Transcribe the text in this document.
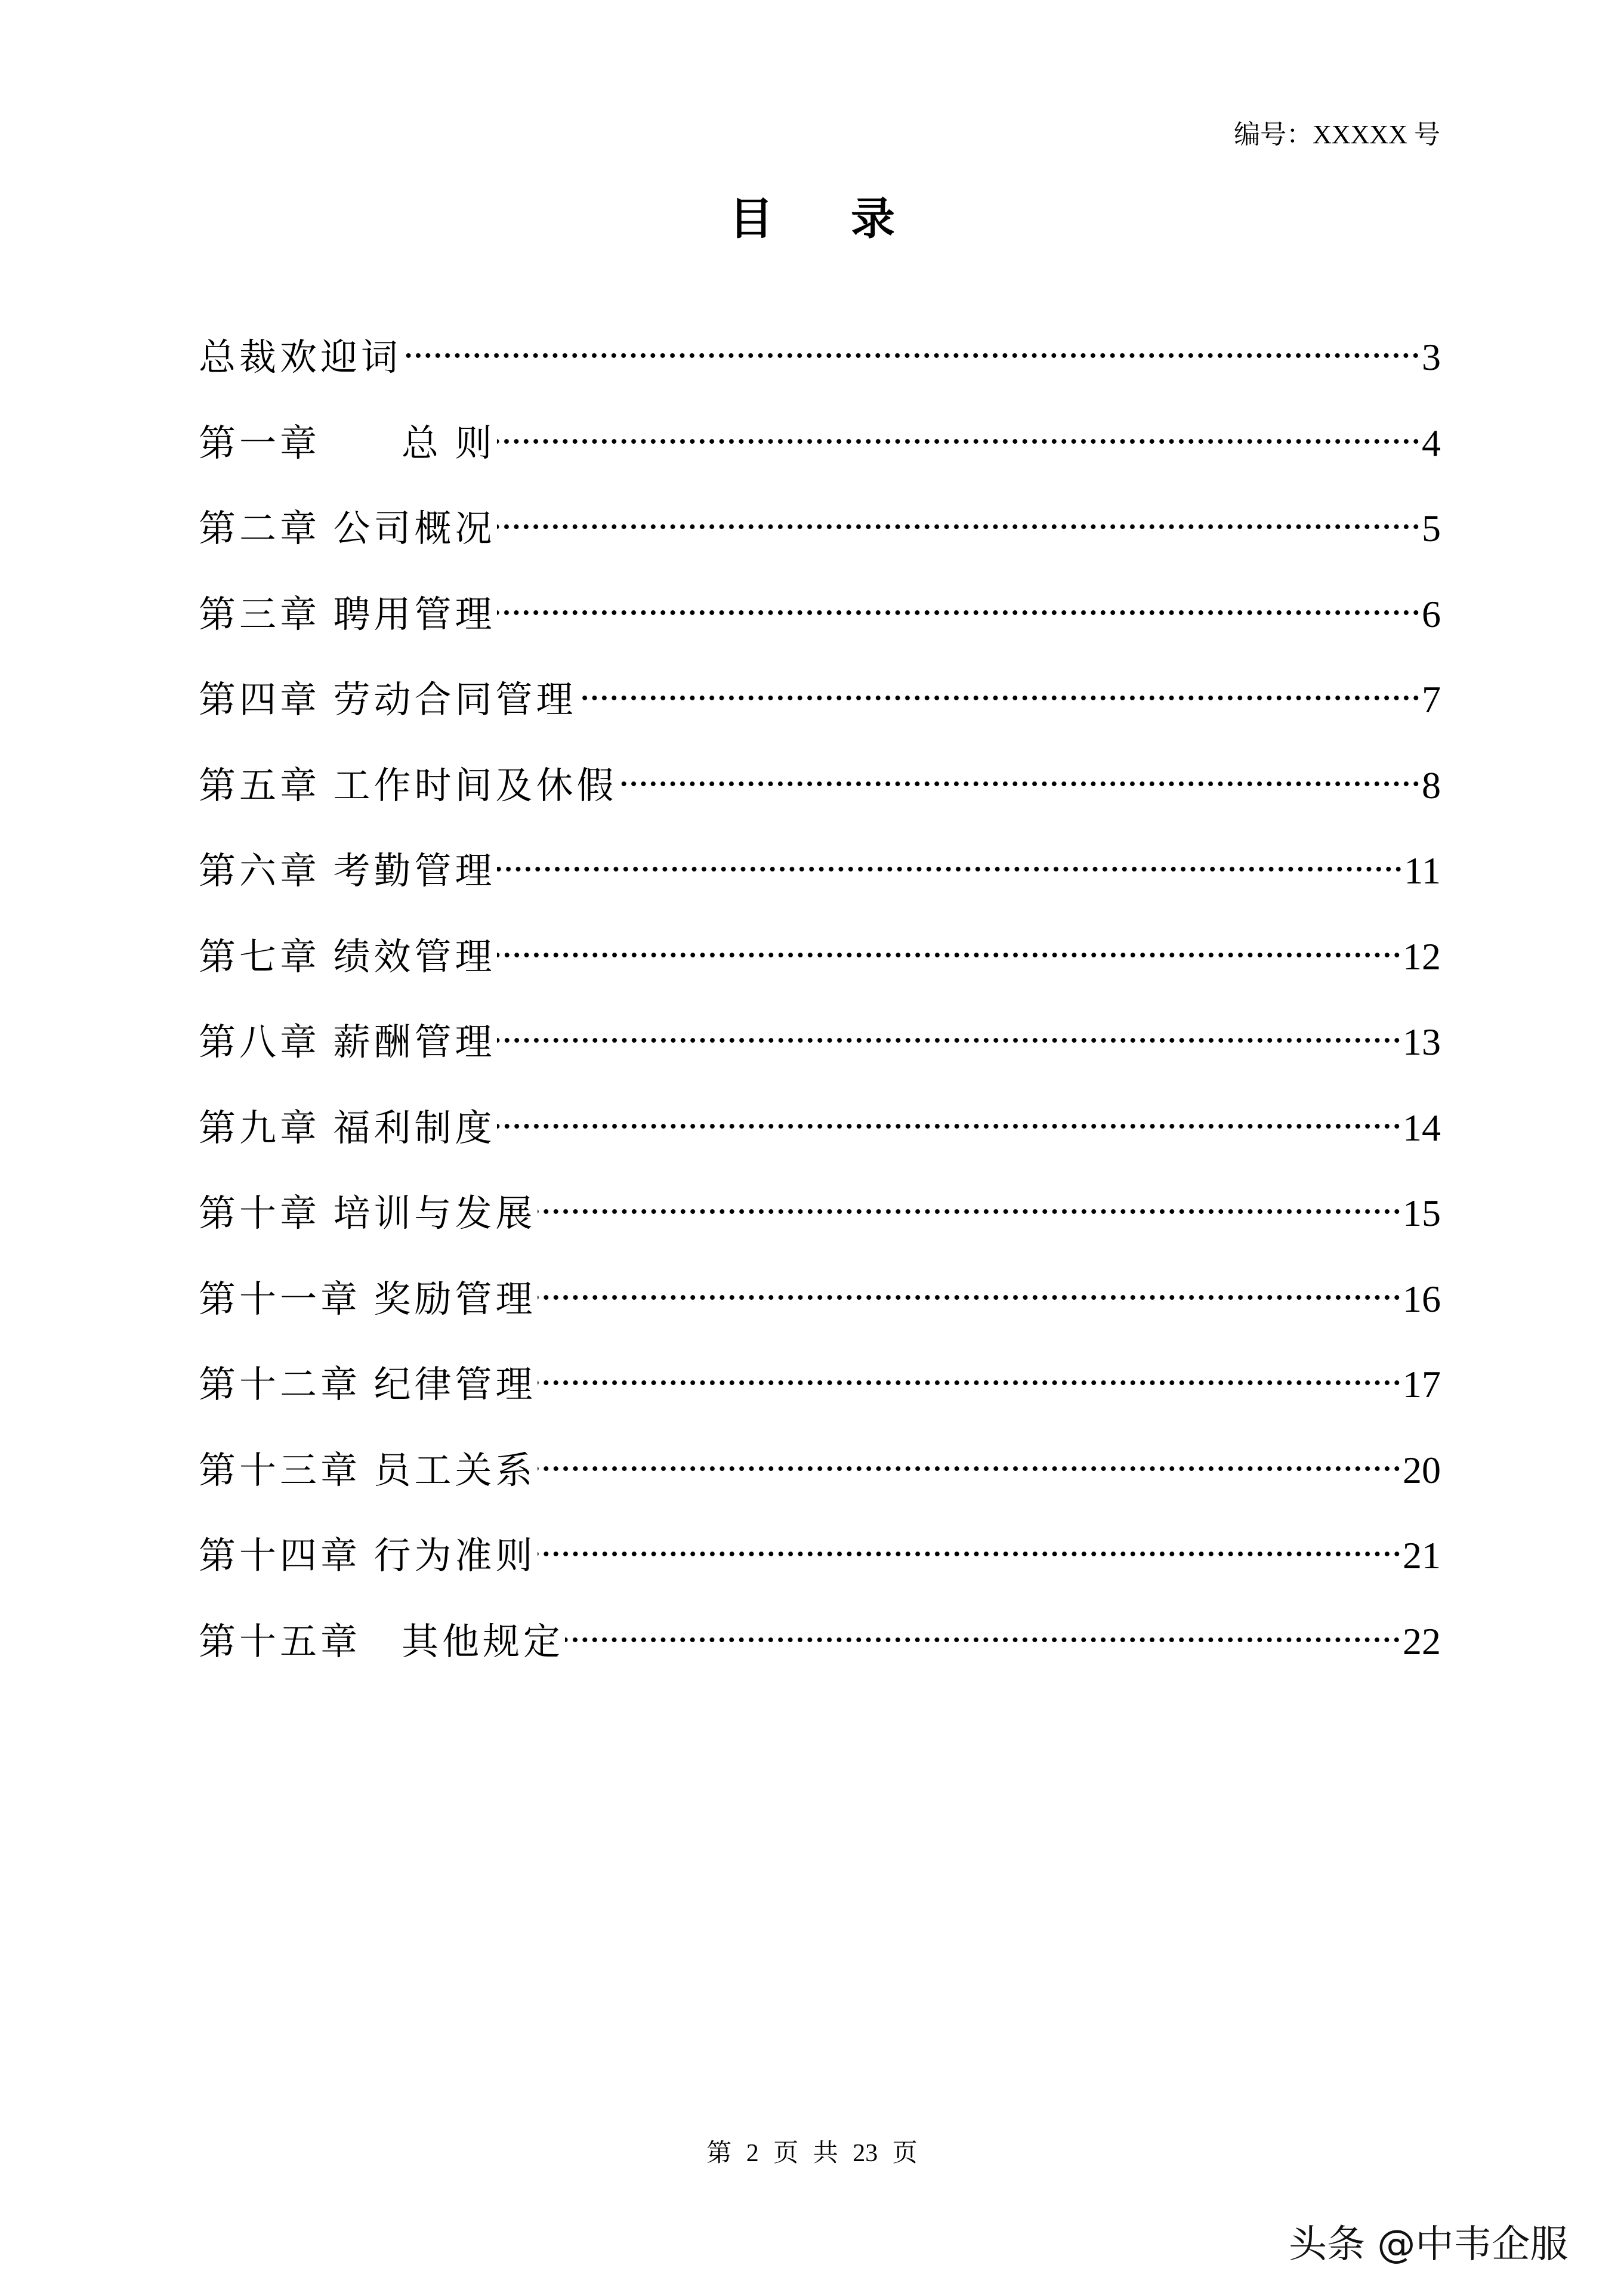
编号：XXXXX 号
目 录
总裁欢迎词	3
第一章　　总 则	4
第二章 公司概况	5
第三章 聘用管理	6
第四章 劳动合同管理	7
第五章 工作时间及休假	8
第六章 考勤管理	11
第七章 绩效管理	12
第八章 薪酬管理	13
第九章 福利制度	14
第十章 培训与发展	15
第十一章 奖励管理	16
第十二章 纪律管理	17
第十三章 员工关系	20
第十四章 行为准则	21
第十五章　其他规定	22
第 2 页 共 23 页
头条 @中韦企服
